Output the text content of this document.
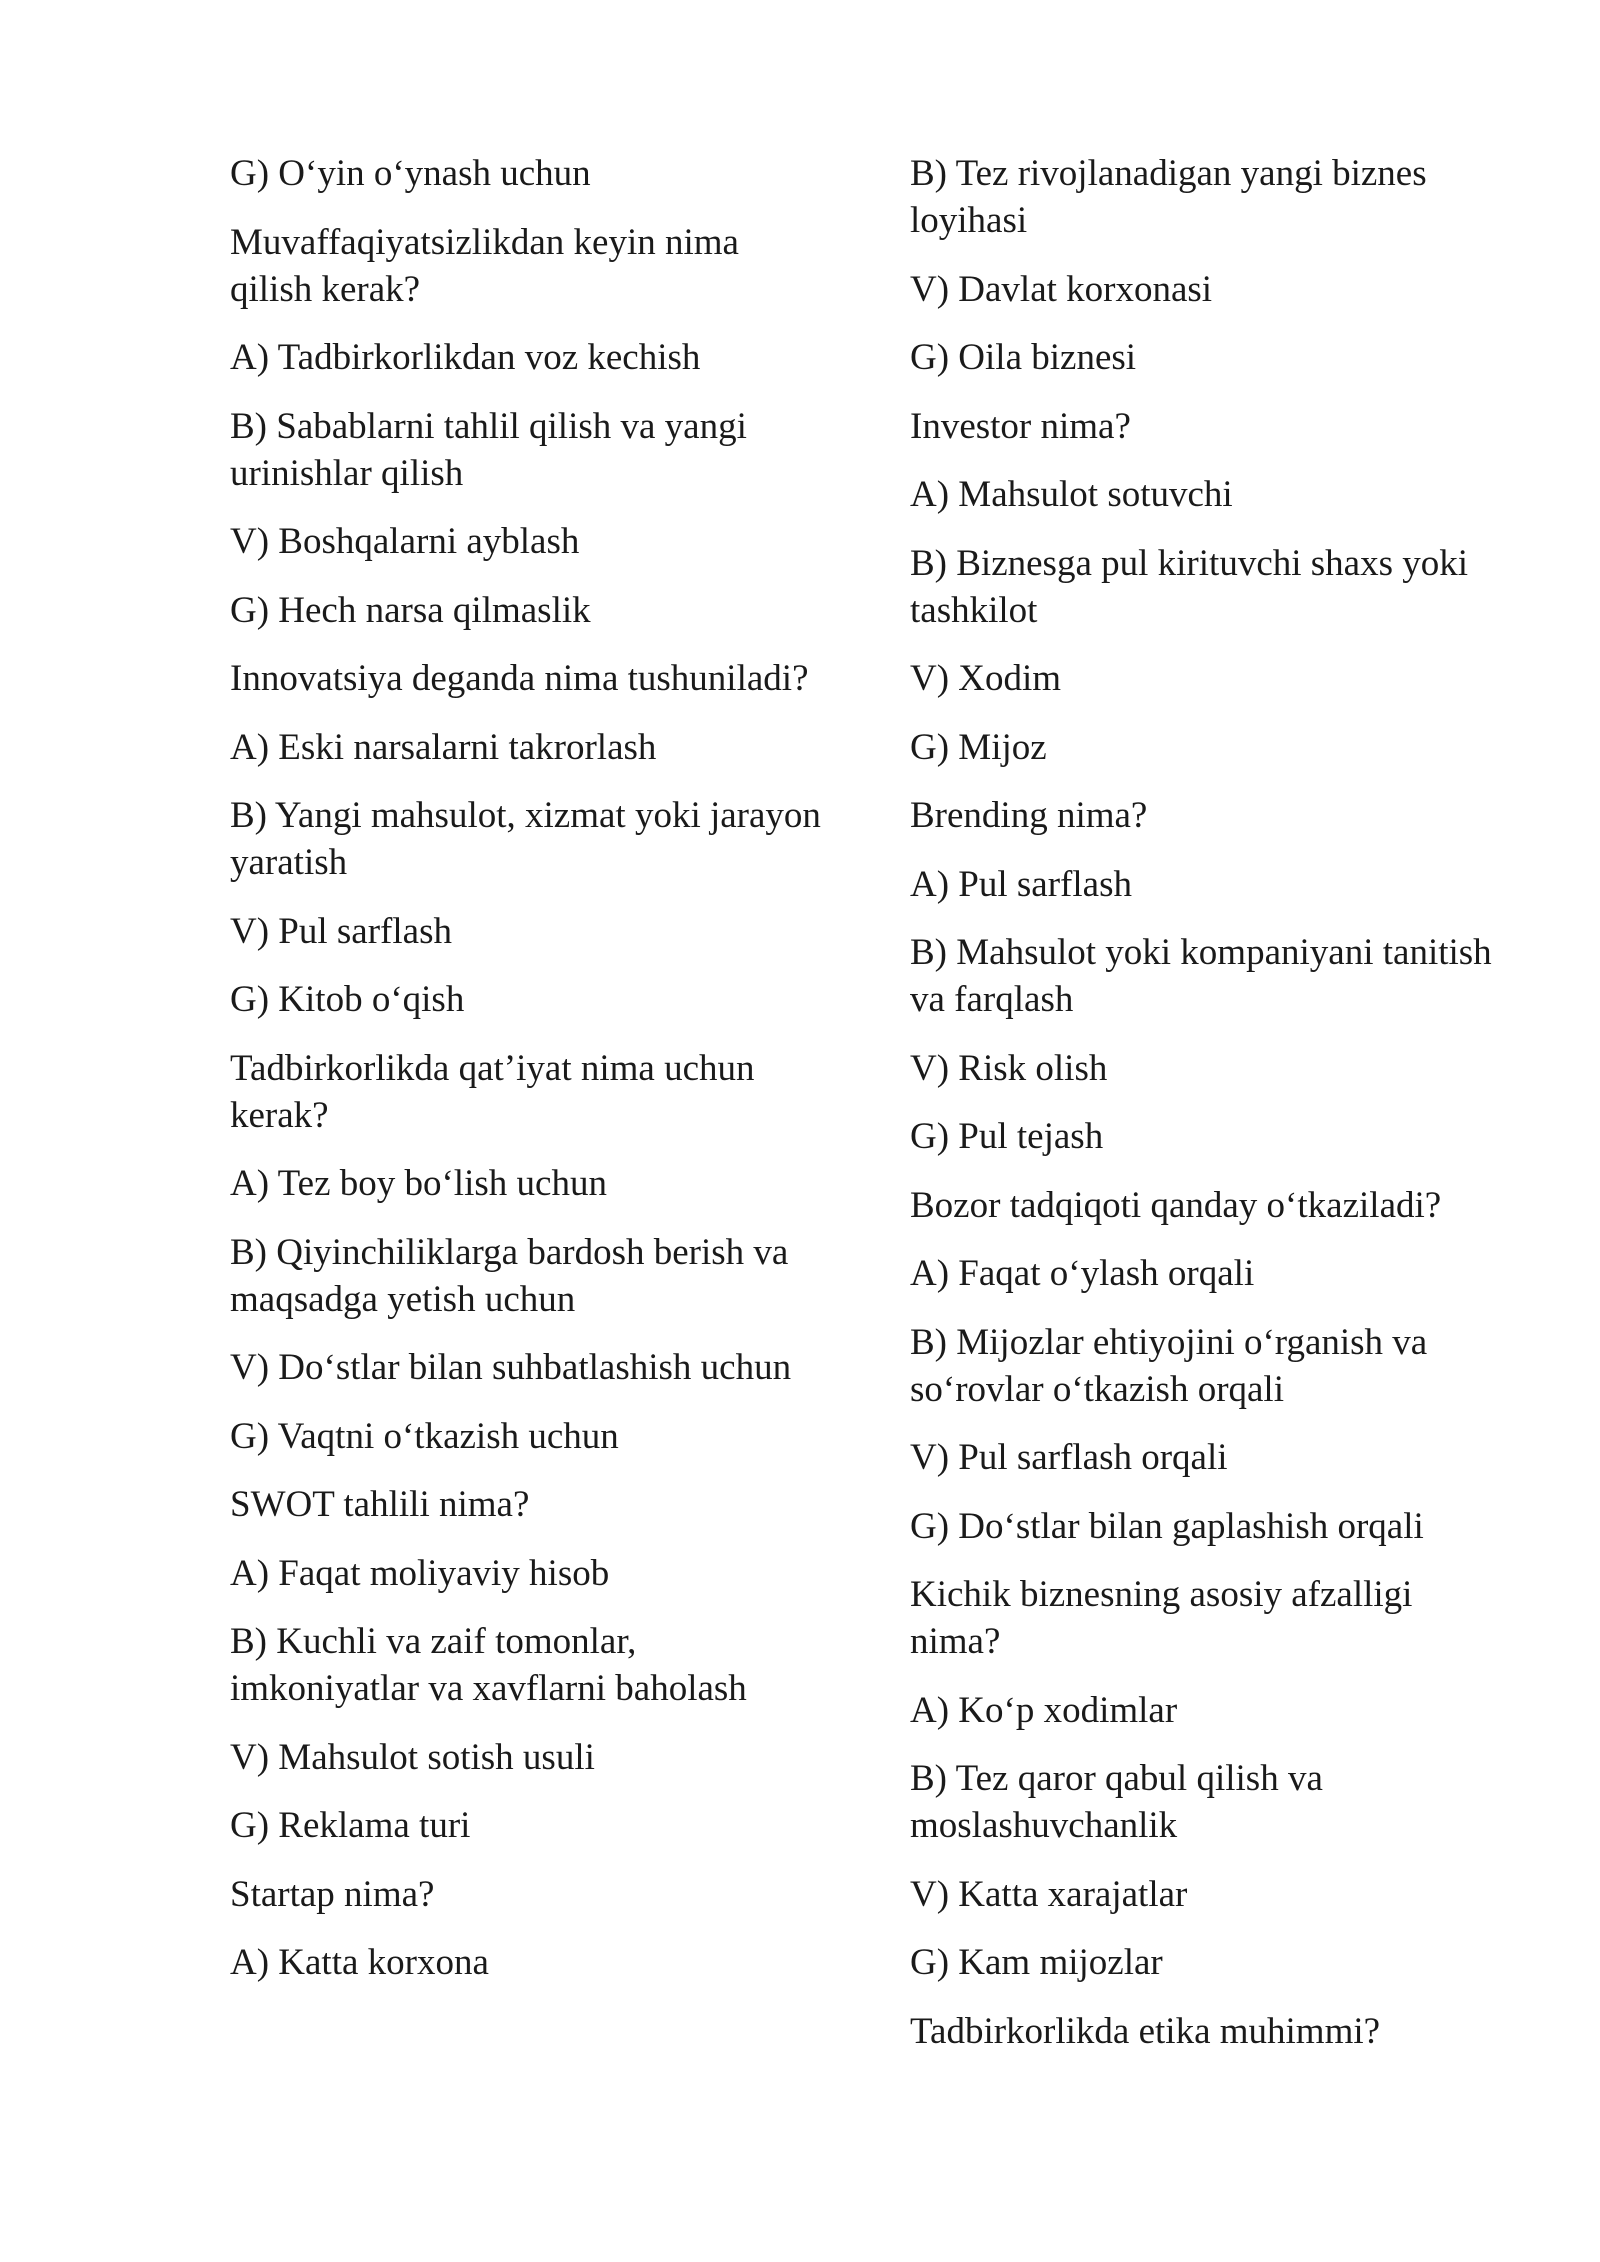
G) O‘yin o‘ynash uchun
Muvaffaqiyatsizlikdan keyin nima qilish kerak?
A) Tadbirkorlikdan voz kechish
B) Sabablarni tahlil qilish va yangi urinishlar qilish
V) Boshqalarni ayblash
G) Hech narsa qilmaslik
Innovatsiya deganda nima tushuniladi?
A) Eski narsalarni takrorlash
B) Yangi mahsulot, xizmat yoki jarayon yaratish
V) Pul sarflash
G) Kitob o‘qish
Tadbirkorlikda qat’iyat nima uchun kerak?
A) Tez boy bo‘lish uchun
B) Qiyinchiliklarga bardosh berish va maqsadga yetish uchun
V) Do‘stlar bilan suhbatlashish uchun
G) Vaqtni o‘tkazish uchun
SWOT tahlili nima?
A) Faqat moliyaviy hisob
B) Kuchli va zaif tomonlar, imkoniyatlar va xavflarni baholash
V) Mahsulot sotish usuli
G) Reklama turi
Startap nima?
A) Katta korxona
B) Tez rivojlanadigan yangi biznes loyihasi
V) Davlat korxonasi
G) Oila biznesi
Investor nima?
A) Mahsulot sotuvchi
B) Biznesga pul kirituvchi shaxs yoki tashkilot
V) Xodim
G) Mijoz
Brending nima?
A) Pul sarflash
B) Mahsulot yoki kompaniyani tanitish va farqlash
V) Risk olish
G) Pul tejash
Bozor tadqiqoti qanday o‘tkaziladi?
A) Faqat o‘ylash orqali
B) Mijozlar ehtiyojini o‘rganish va so‘rovlar o‘tkazish orqali
V) Pul sarflash orqali
G) Do‘stlar bilan gaplashish orqali
Kichik biznesning asosiy afzalligi nima?
A) Ko‘p xodimlar
B) Tez qaror qabul qilish va moslashuvchanlik
V) Katta xarajatlar
G) Kam mijozlar
Tadbirkorlikda etika muhimmi?
